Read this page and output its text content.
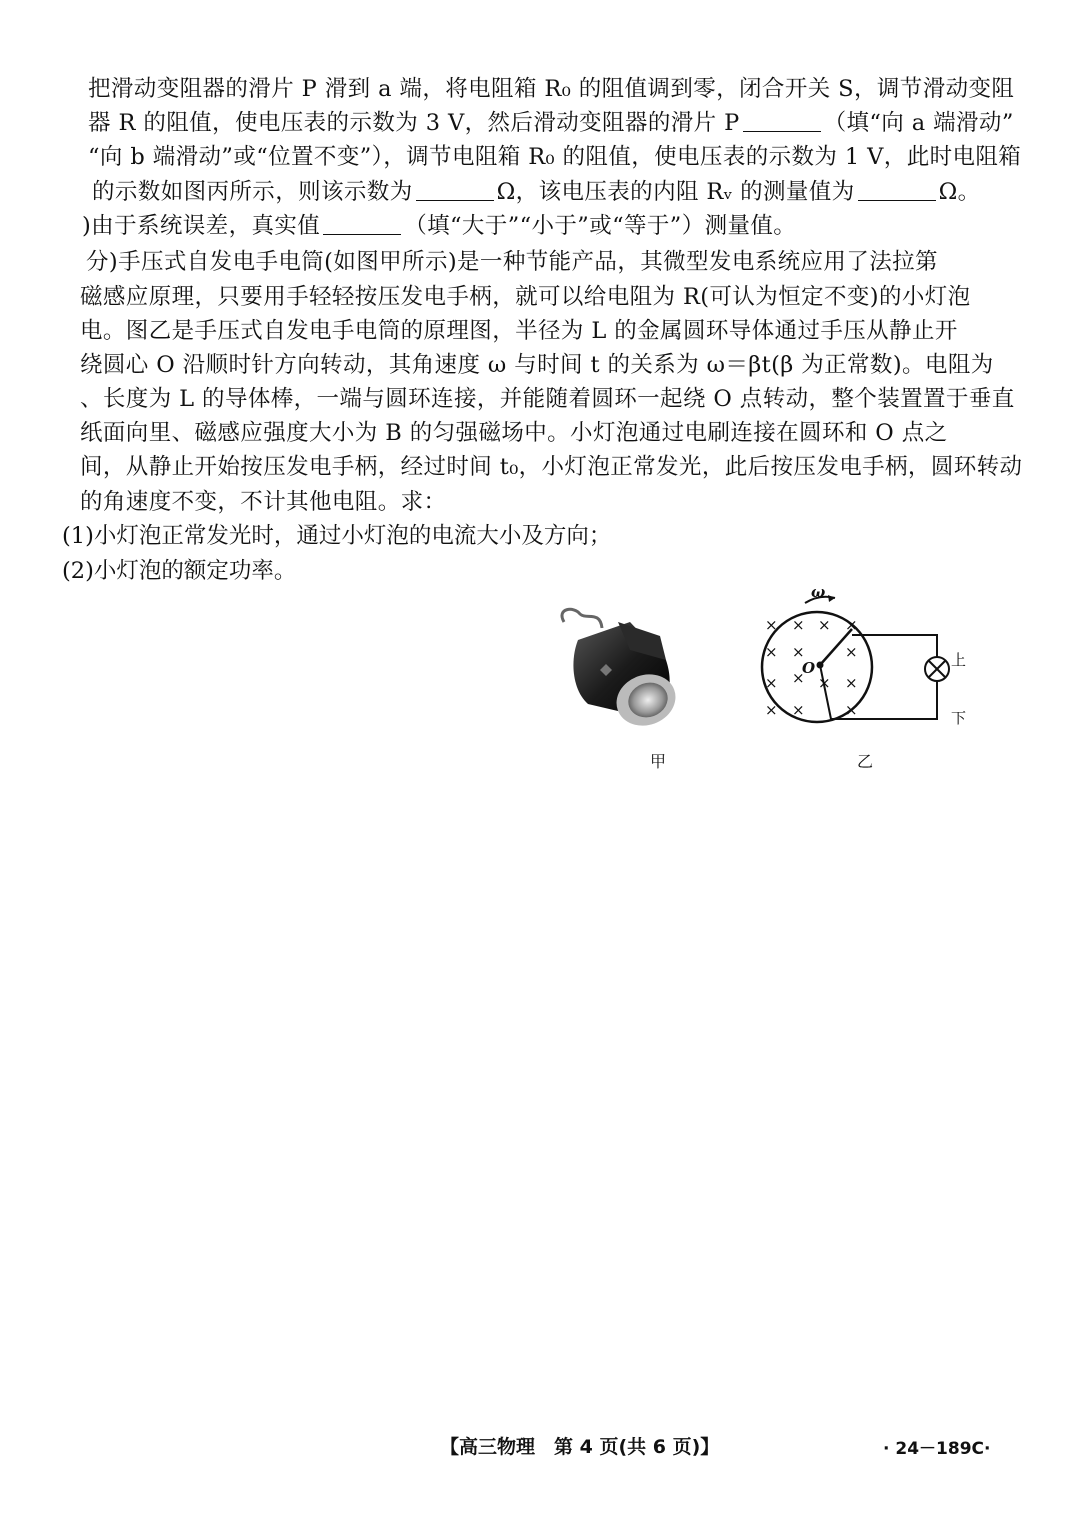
把滑动变阻器的滑片 P 滑到 a 端，将电阻箱 R₀ 的阻值调到零，闭合开关 S，调节滑动变阻
器 R 的阻值，使电压表的示数为 3 V，然后滑动变阻器的滑片 P	（填“向 a 端滑动”
“向 b 端滑动”或“位置不变”），调节电阻箱 R₀ 的阻值，使电压表的示数为 1 V，此时电阻箱
的示数如图丙所示，则该示数为	Ω，该电压表的内阻 Rᵥ 的测量值为	Ω。
)由于系统误差，真实值	（填“大于”“小于”或“等于”）测量值。
分)手压式自发电手电筒(如图甲所示)是一种节能产品，其微型发电系统应用了法拉第
磁感应原理，只要用手轻轻按压发电手柄，就可以给电阻为 R(可认为恒定不变)的小灯泡
电。图乙是手压式自发电手电筒的原理图，半径为 L 的金属圆环导体通过手压从静止开
绕圆心 O 沿顺时针方向转动，其角速度 ω 与时间 t 的关系为 ω＝βt(β 为正常数)。电阻为
、长度为 L 的导体棒，一端与圆环连接，并能随着圆环一起绕 O 点转动，整个装置置于垂直
纸面向里、磁感应强度大小为 B 的匀强磁场中。小灯泡通过电刷连接在圆环和 O 点之
间，从静止开始按压发电手柄，经过时间 t₀，小灯泡正常发光，此后按压发电手柄，圆环转动
的角速度不变，不计其他电阻。求：
(1)小灯泡正常发光时，通过小灯泡的电流大小及方向；
(2)小灯泡的额定功率。
甲
× × × ×
× ×	×
× × × ×
× ×	×
ω
O	上
下
乙
【高三物理　第 4 页(共 6 页)】	· 24－189C·
